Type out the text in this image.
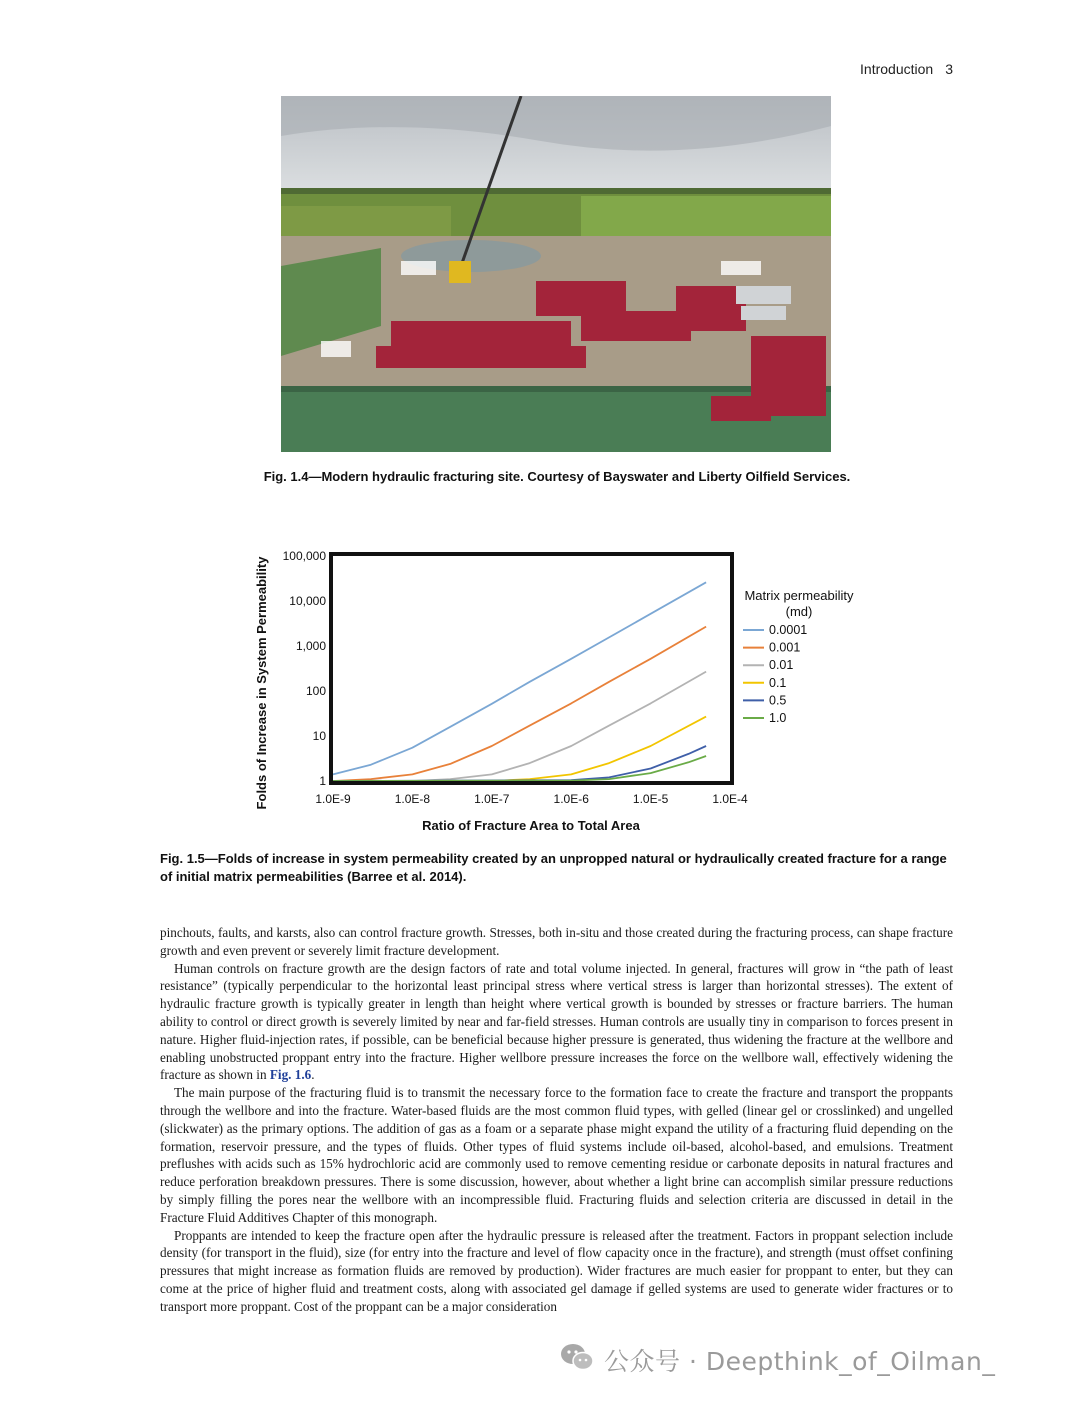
Introduction 3
Fig. 1.4—Modern hydraulic fracturing site. Courtesy of Bayswater and Liberty Oilfield Services.
1
10
100
1,000
10,000
100,000
1.0E-9	1.0E-8	1.0E-7	1.0E-6	1.0E-5	1.0E-4
Folds of Increase in System Permeability
Ratio of Fracture Area to Total Area
Matrix permeability
(md)
0.0001
0.001
0.01
0.1
0.5
1.0
Fig. 1.5—Folds of increase in system permeability created by an unpropped natural or hydraulically created fracture for a range of initial matrix permeabilities (Barree et al. 2014).

pinchouts, faults, and karsts, also can control fracture growth. Stresses, both in-situ and those created during the fracturing process, can shape fracture growth and even prevent or severely limit fracture development.

Human controls on fracture growth are the design factors of rate and total volume injected. In general, fractures will grow in “the path of least resistance” (typically perpendicular to the horizontal least principal stress where vertical stress is larger than horizontal stresses). The extent of hydraulic fracture growth is typically greater in length than height where vertical growth is bounded by stresses or fracture barriers. The human ability to control or direct growth is severely limited by near and far-field stresses. Human controls are usually tiny in comparison to forces present in nature. Higher fluid-injection rates, if possible, can be beneficial because higher pressure is generated, thus widening the fracture at the wellbore and enabling unobstructed proppant entry into the fracture. Higher wellbore pressure increases the force on the wellbore wall, effectively widening the fracture as shown in Fig. 1.6.

The main purpose of the fracturing fluid is to transmit the necessary force to the formation face to create the fracture and transport the proppants through the wellbore and into the fracture. Water-based fluids are the most common fluid types, with gelled (linear gel or crosslinked) and ungelled (slickwater) as the primary options. The addition of gas as a foam or a separate phase might expand the utility of a fracturing fluid depending on the formation, reservoir pressure, and the types of fluids. Other types of fluid systems include oil-based, alcohol-based, and emulsions. Treatment preflushes with acids such as 15% hydrochloric acid are commonly used to remove cementing residue or carbonate deposits in natural fractures and reduce perforation breakdown pressures. There is some discussion, however, about whether a light brine can accomplish similar pressure reductions by simply filling the pores near the wellbore with an incompressible fluid. Fracturing fluids and selection criteria are discussed in detail in the Fracture Fluid Additives Chapter of this monograph.

Proppants are intended to keep the fracture open after the hydraulic pressure is released after the treatment. Factors in proppant selection include density (for transport in the fluid), size (for entry into the fracture and level of flow capacity once in the fracture), and strength (must offset confining pressures that might increase as formation fluids are removed by production). Wider fractures are much easier for proppant to enter, but they can come at the price of higher fluid and treatment costs, along with associated gel damage if gelled systems are used to generate wider fractures or to transport more proppant. Cost of the proppant can be a major consideration

公众号 · Deepthink_of_Oilman_
